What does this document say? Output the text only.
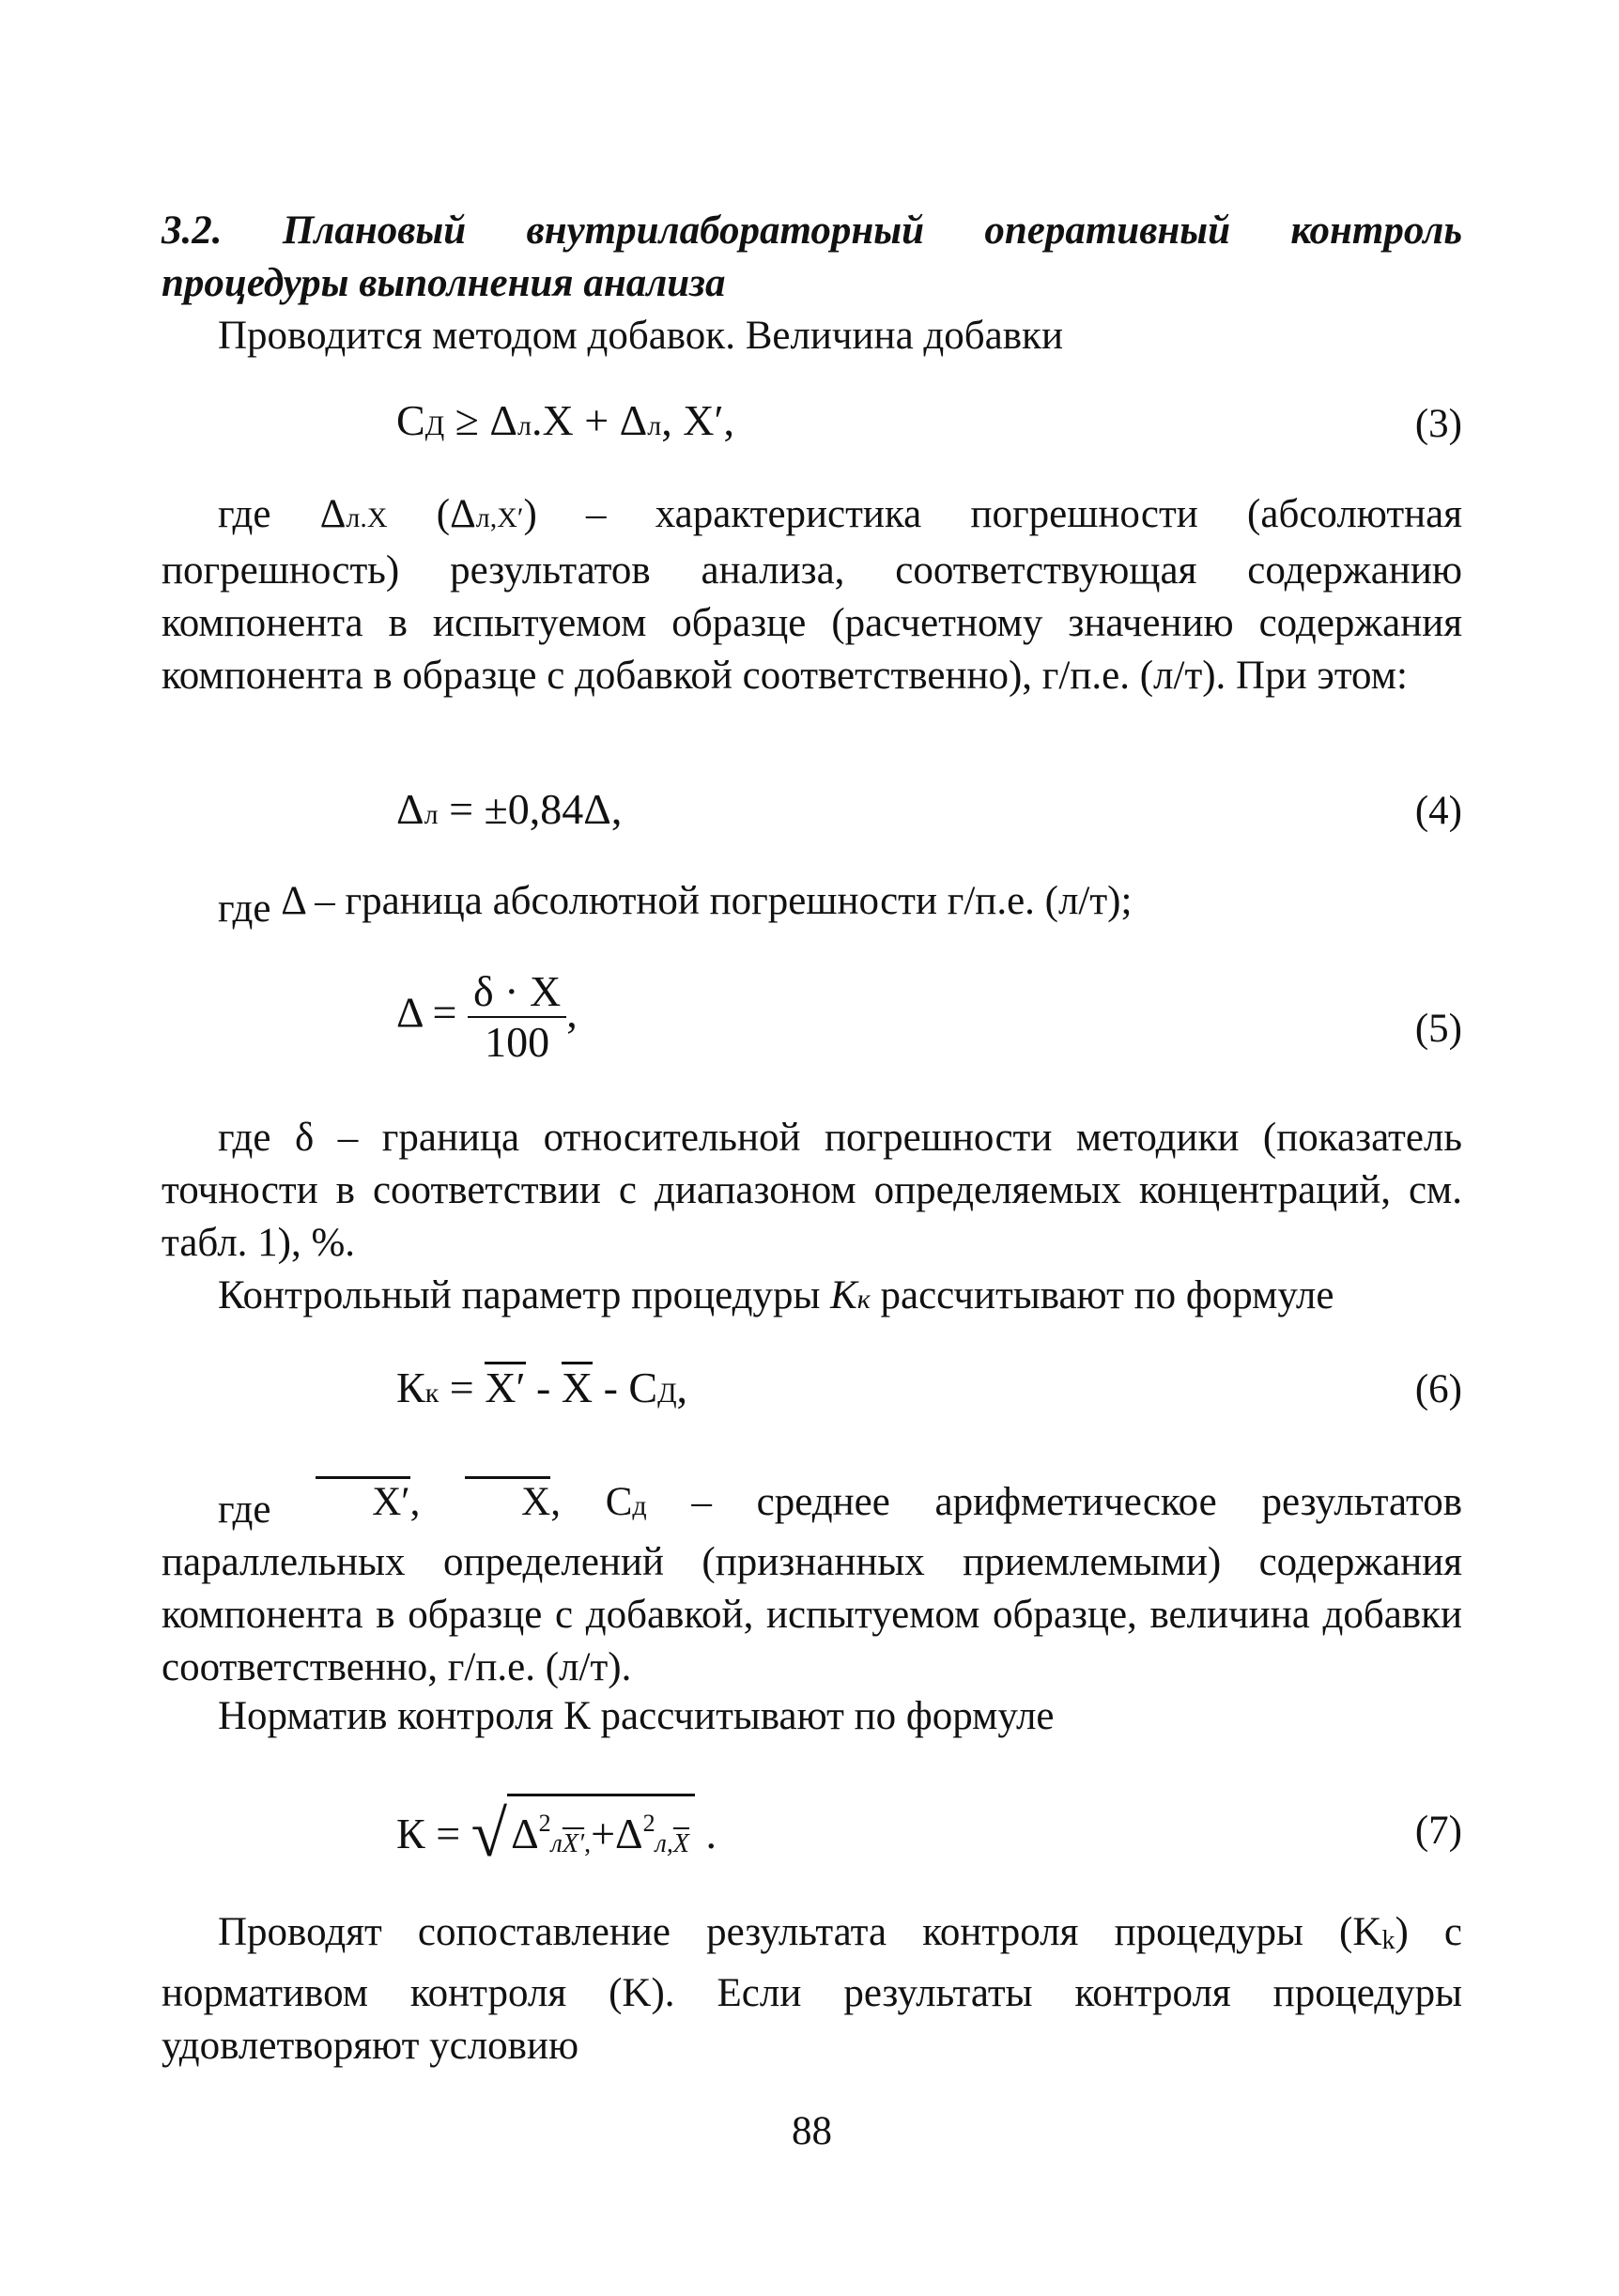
3.2. Плановый внутрилабораторный оперативный контроль
процедуры выполнения анализа

Проводится методом добавок. Величина добавки

СД ≥ Δл.X + Δл, X′,	(3)

где Δл.X (Δл,X′) – характеристика погрешности (абсолютная погрешность) результатов анализа, соответствующая содержанию компонента в испытуемом образце (расчетному значению содержания компонента в образце с добавкой соответственно), г/п.е. (л/т). При этом:

Δл = ±0,84Δ,	(4)

где Δ – граница абсолютной погрешности г/п.е. (л/т);

$\Delta = \frac{\delta \cdot X}{100}$ ,	(5)

где δ – граница относительной погрешности методики (показатель точности в соответствии с диапазоном определяемых концентраций, см. табл. 1), %.

Контрольный параметр процедуры Кк рассчитывают по формуле

Кк = X′ - X - СД,	(6)

где	X′,	X, Сд – среднее арифметическое результатов параллельных определений (признанных приемлемыми) содержания компонента в образце с добавкой, испытуемом образце, величина добавки соответственно, г/п.е. (л/т).

Норматив контроля К рассчитывают по формуле

$К = √\Delta^2лX',+\Delta^2л,\overline{X}$ .	(7)

Проводят сопоставление результата контроля процедуры (Kk) с нормативом контроля (K). Если результаты контроля процедуры удовлетворяют условию

88
